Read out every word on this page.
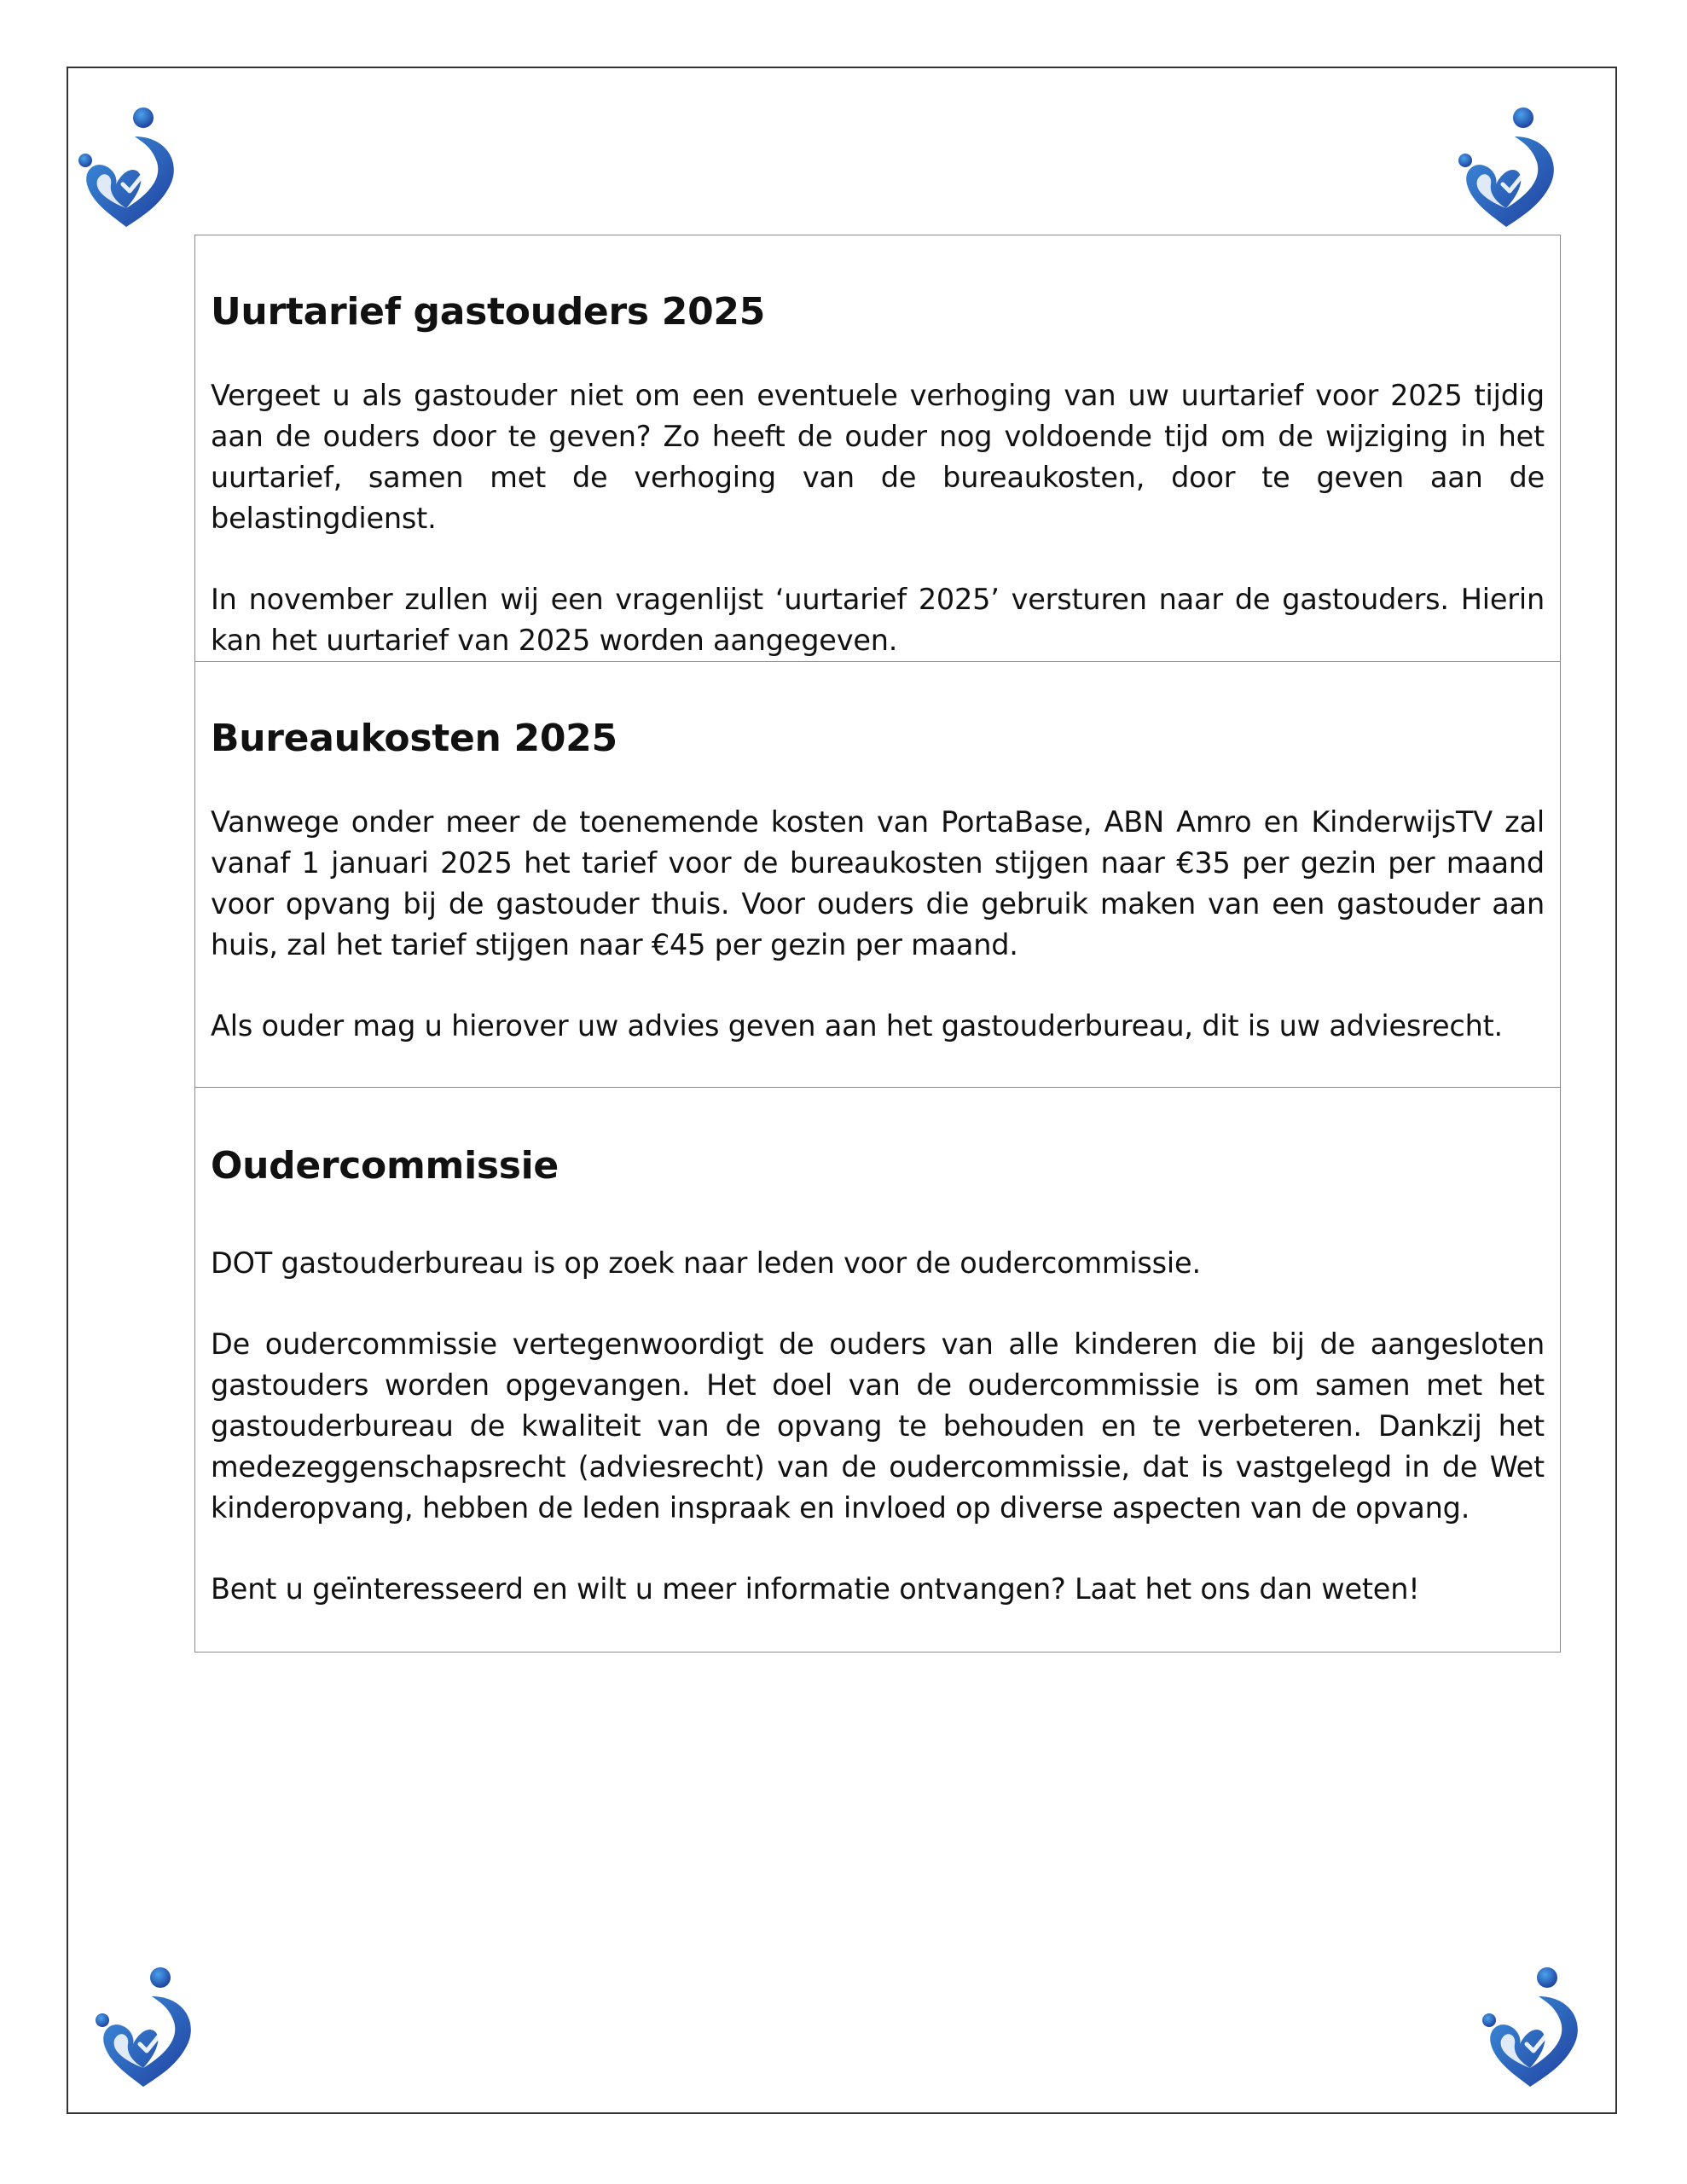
Uurtarief gastouders 2025

Vergeet u als gastouder niet om een eventuele verhoging van uw uurtarief voor 2025 tijdig aan de ouders door te geven? Zo heeft de ouder nog voldoende tijd om de wijziging in het uurtarief, samen met de verhoging van de bureaukosten, door te geven aan de belastingdienst.

In november zullen wij een vragenlijst ‘uurtarief 2025’ versturen naar de gastouders. Hierin kan het uurtarief van 2025 worden aangegeven.

Bureaukosten 2025

Vanwege onder meer de toenemende kosten van PortaBase, ABN Amro en KinderwijsTV zal vanaf 1 januari 2025 het tarief voor de bureaukosten stijgen naar €35 per gezin per maand voor opvang bij de gastouder thuis. Voor ouders die gebruik maken van een gastouder aan huis, zal het tarief stijgen naar €45 per gezin per maand.

Als ouder mag u hierover uw advies geven aan het gastouderbureau, dit is uw adviesrecht.

Oudercommissie

DOT gastouderbureau is op zoek naar leden voor de oudercommissie.

De oudercommissie vertegenwoordigt de ouders van alle kinderen die bij de aangesloten gastouders worden opgevangen. Het doel van de oudercommissie is om samen met het gastouderbureau de kwaliteit van de opvang te behouden en te verbeteren. Dankzij het medezeggenschapsrecht (adviesrecht) van de oudercommissie, dat is vastgelegd in de Wet kinderopvang, hebben de leden inspraak en invloed op diverse aspecten van de opvang.

Bent u geïnteresseerd en wilt u meer informatie ontvangen? Laat het ons dan weten!
